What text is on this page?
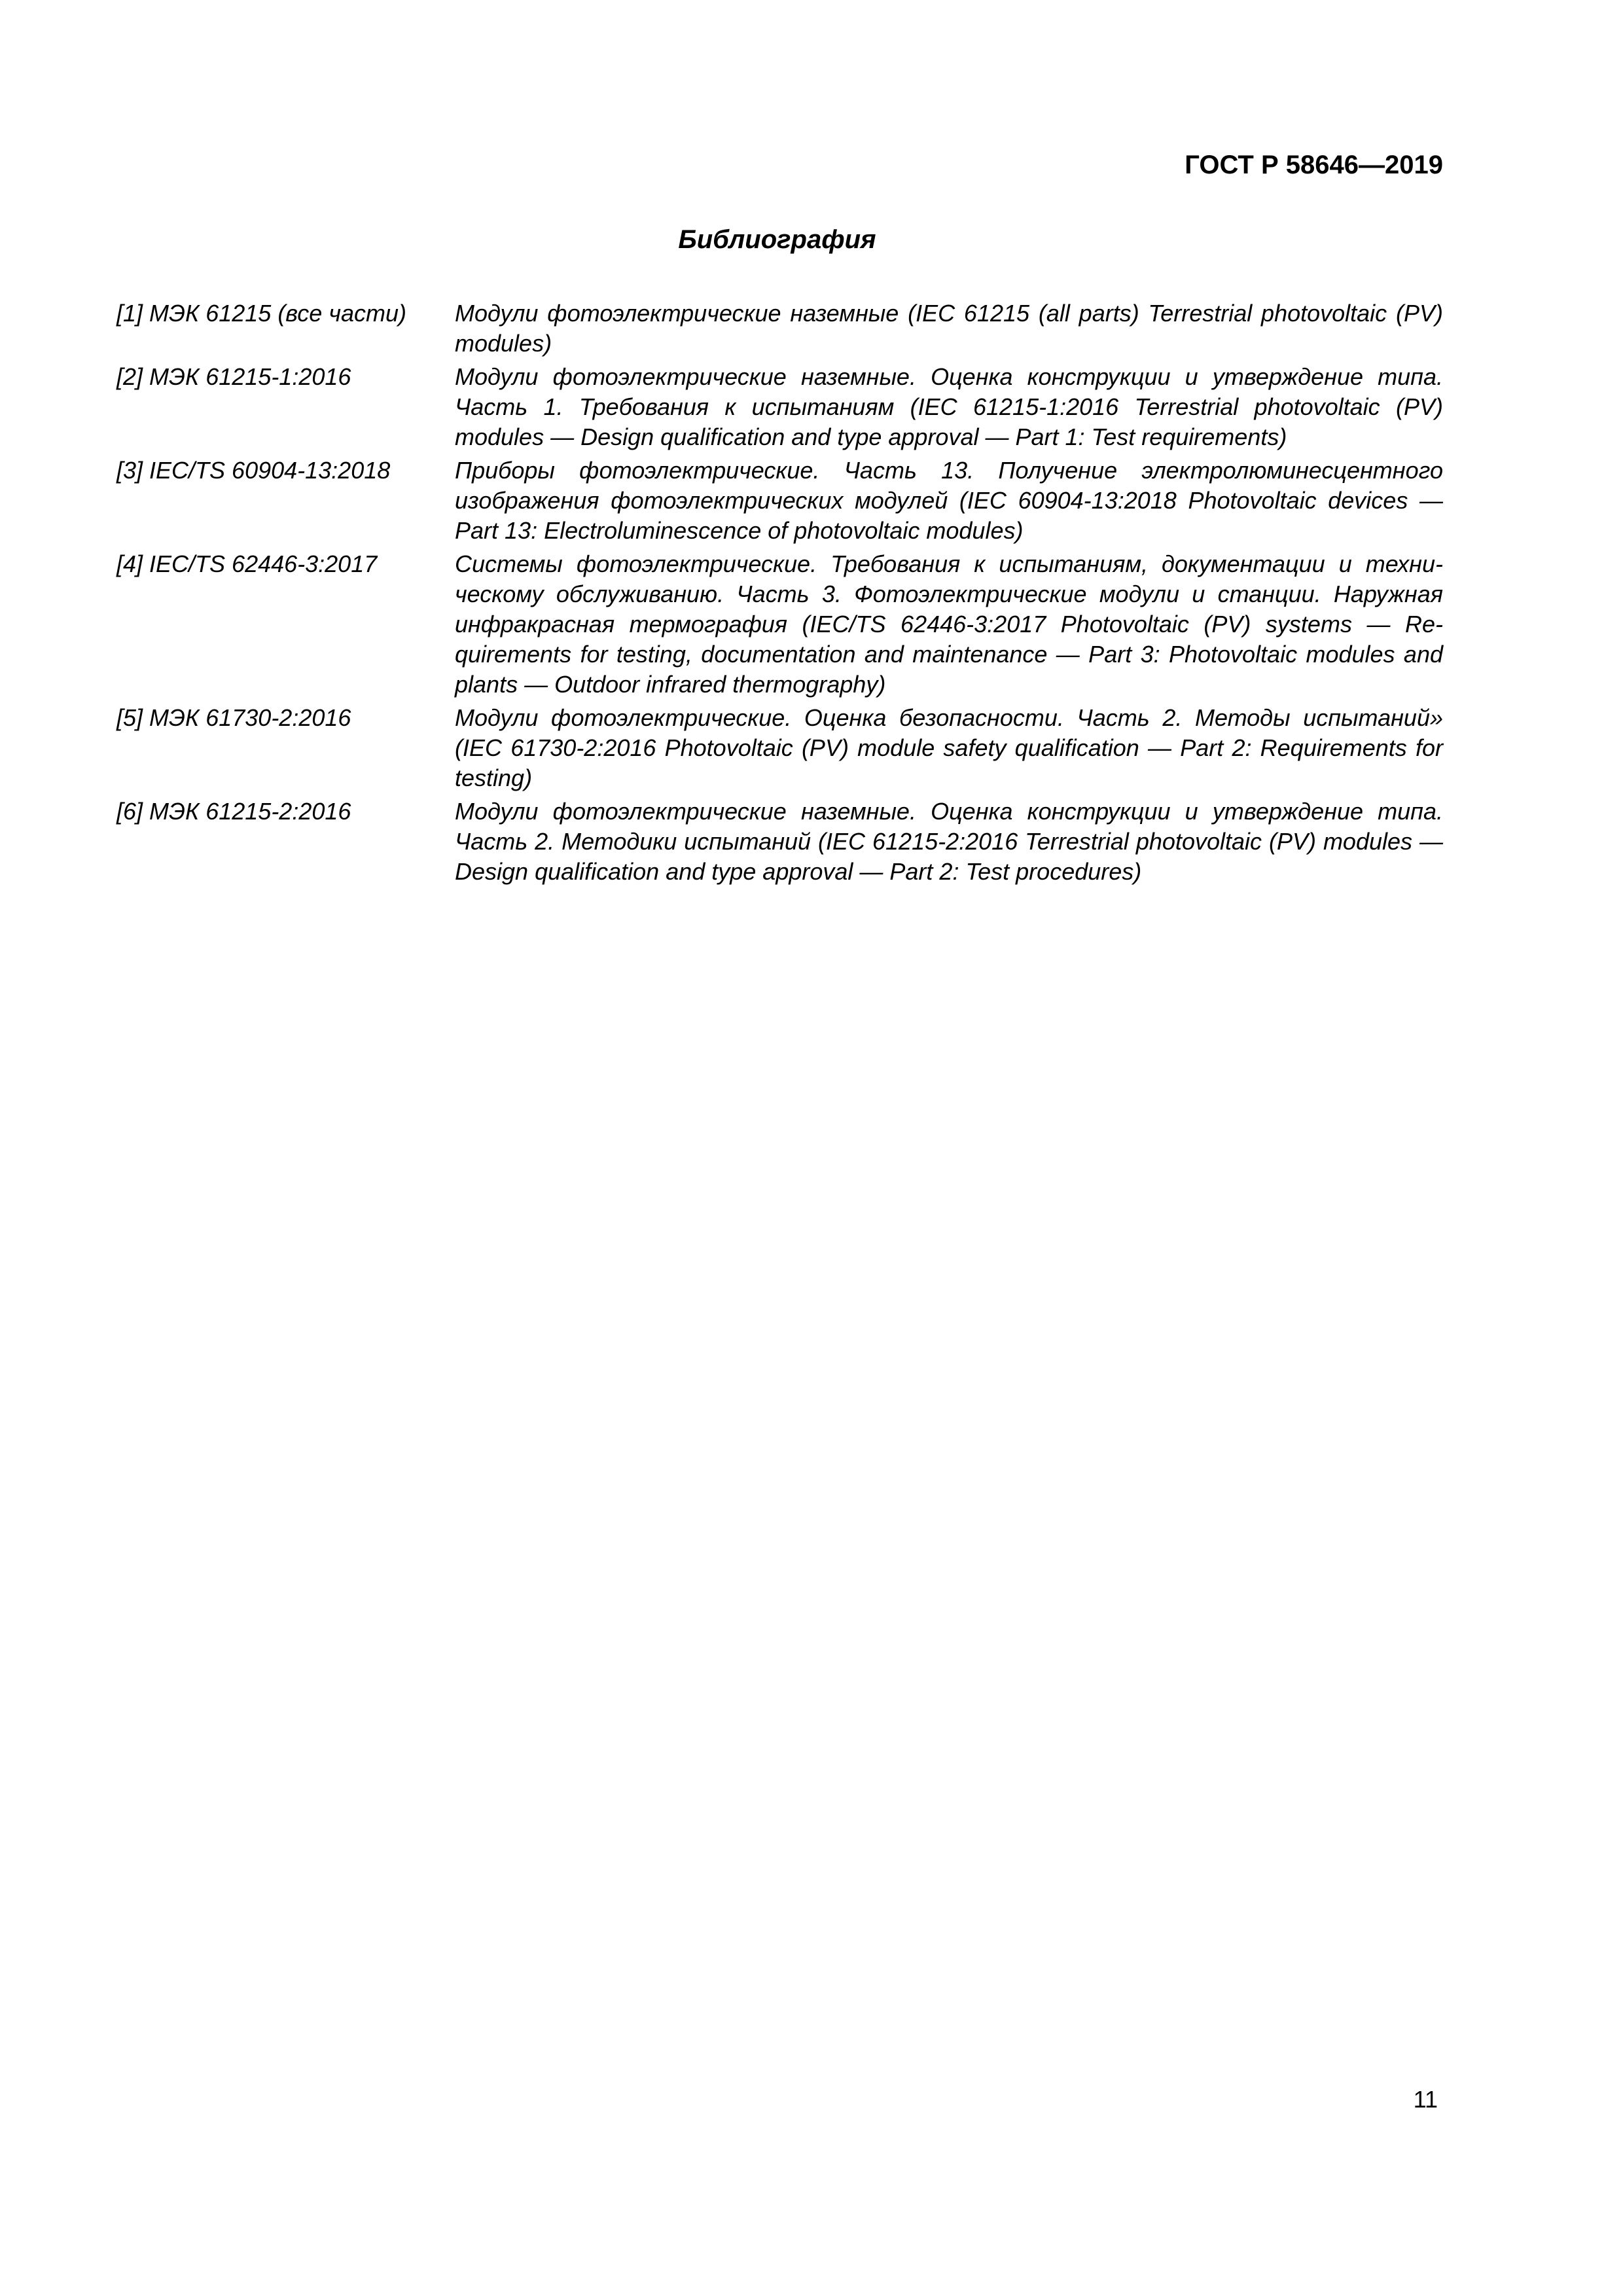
ГОСТ Р 58646—2019
Библиография
[1] МЭК 61215 (все части)	Модули фотоэлектрические наземные (IEC 61215 (all parts) Terrestrial photovoltaic (PV) modules)
[2] МЭК 61215-1:2016	Модули фотоэлектрические наземные. Оценка конструкции и утверждение типа. Часть 1. Требования к испытаниям (IEC 61215-1:2016 Terrestrial photovoltaic (PV) modules — Design qualification and type approval — Part 1: Test requirements)
[3] IEC/TS 60904-13:2018	Приборы фотоэлектрические. Часть 13. Получение электролюминесцентного изображения фотоэлектрических модулей (IEC 60904-13:2018 Photovoltaic devices — Part 13: Electroluminescence of photovoltaic modules)
[4] IEC/TS 62446-3:2017	Системы фотоэлектрические. Требования к испытаниям, документации и техническому обслуживанию. Часть 3. Фотоэлектрические модули и станции. Наружная инфракрасная термография (IEC/TS 62446-3:2017 Photovoltaic (PV) systems — Requirements for testing, documentation and maintenance — Part 3: Photovoltaic modules and plants — Outdoor infrared thermography)
[5] МЭК 61730-2:2016	Модули фотоэлектрические. Оценка безопасности. Часть 2. Методы испытаний» (IEC 61730-2:2016 Photovoltaic (PV) module safety qualification — Part 2: Requirements for testing)
[6] МЭК 61215-2:2016	Модули фотоэлектрические наземные. Оценка конструкции и утверждение типа. Часть 2. Методики испытаний (IEC 61215-2:2016 Terrestrial photovoltaic (PV) modules — Design qualification and type approval — Part 2: Test procedures)
11
